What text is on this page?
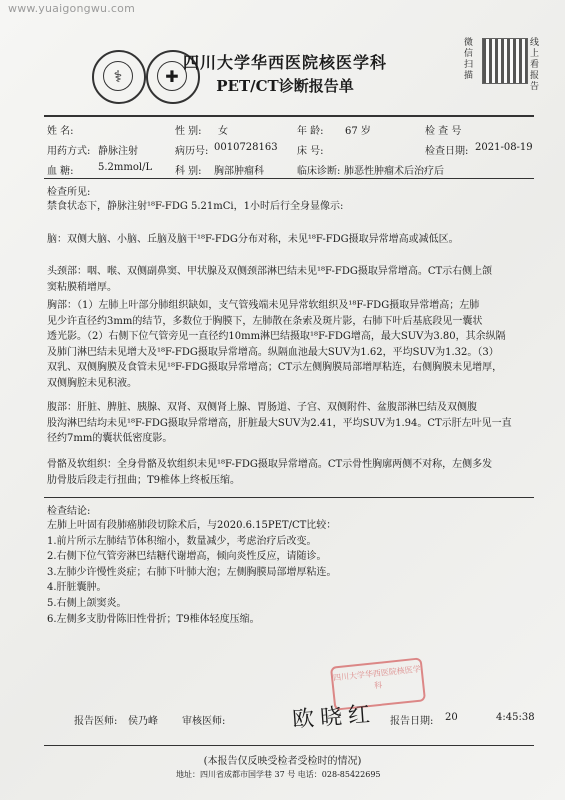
www.yuaigongwu.com
⚕	✚
四川大学华西医院核医学科
PET/CT诊断报告单
微信扫描
线上看报告
姓 名:	性 别: 女	年 龄: 67 岁	检 查 号
用药方式: 静脉注射	病历号: 0010728163 床 号:	检查日期: 2021-08-19
血 糖: 5.2mmol/L 科 别: 胸部肿瘤科	临床诊断: 肺恶性肿瘤术后治疗后
检查所见:
禁食状态下，静脉注射¹⁸F-FDG 5.21mCi，1小时后行全身显像示:
脑：双侧大脑、小脑、丘脑及脑干¹⁸F-FDG分布对称，未见¹⁸F-FDG摄取异常增高或减低区。
头颈部：咽、喉、双侧副鼻窦、甲状腺及双侧颈部淋巴结未见¹⁸F-FDG摄取异常增高。CT示右侧上颌
窦粘膜稍增厚。
胸部：（1）左肺上叶部分肺组织缺如，支气管残端未见异常软组织及¹⁸F-FDG摄取异常增高；左肺
见少许直径约3mm的结节，多数位于胸膜下，左肺散在条索及斑片影，右肺下叶后基底段见一囊状
透光影。（2）右侧下位气管旁见一直径约10mm淋巴结摄取¹⁸F-FDG增高，最大SUV为3.80，其余纵隔
及肺门淋巴结未见增大及¹⁸F-FDG摄取异常增高。纵隔血池最大SUV为1.62，平均SUV为1.32。（3）
双乳、双侧胸膜及食管未见¹⁸F-FDG摄取异常增高；CT示左侧胸膜局部增厚粘连，右侧胸膜未见增厚，
双侧胸腔未见积液。
腹部：肝脏、脾脏、胰腺、双肾、双侧肾上腺、胃肠道、子宫、双侧附件、盆腹部淋巴结及双侧腹
股沟淋巴结均未见¹⁸F-FDG摄取异常增高，肝脏最大SUV为2.41，平均SUV为1.94。CT示肝左叶见一直
径约7mm的囊状低密度影。
骨骼及软组织：全身骨骼及软组织未见¹⁸F-FDG摄取异常增高。CT示骨性胸廓两侧不对称，左侧多发
肋骨肢后段走行扭曲；T9椎体上终板压缩。
检查结论:
左肺上叶固有段肺癌肺段切除术后，与2020.6.15PET/CT比较：
1.前片所示左肺结节体积缩小，数量减少，考虑治疗后改变。
2.右侧下位气管旁淋巴结糖代谢增高，倾向炎性反应，请随诊。
3.左肺少许慢性炎症；右肺下叶肺大泡；左侧胸膜局部增厚粘连。
4.肝脏囊肿。
5.右侧上颌窦炎。
6.左侧多支肋骨陈旧性骨折；T9椎体轻度压缩。
四川大学华西医院核医学科
欧晓红
报告医师: 侯乃峰 审核医师:	报告日期: 20	4:45:38
(本报告仅反映受检者受检时的情况)
地址：四川省成都市国学巷 37 号 电话：028-85422695
